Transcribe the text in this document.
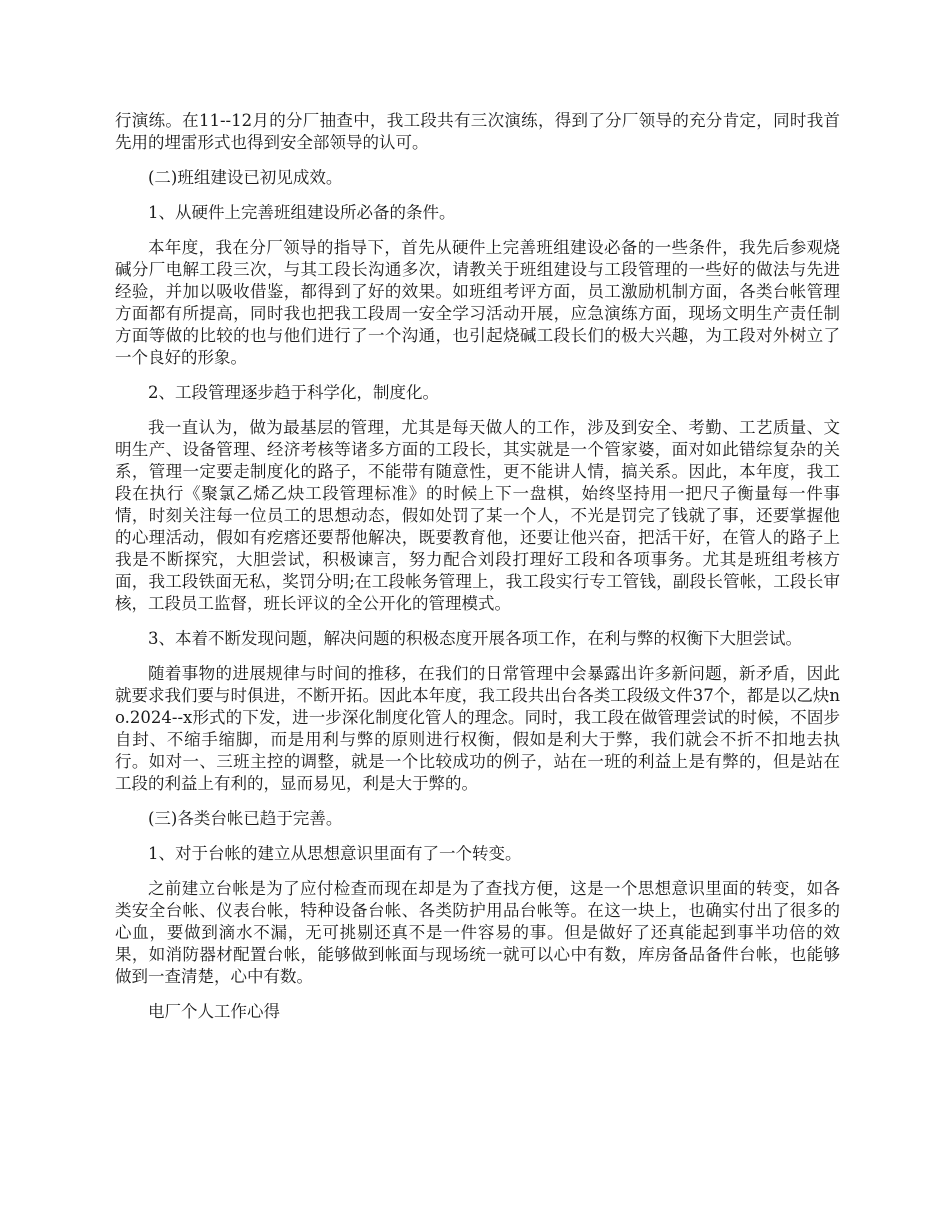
行演练。在11--12月的分厂抽查中，我工段共有三次演练，得到了分厂领导的充分肯定，同时我首先用的埋雷形式也得到安全部领导的认可。

(二)班组建设已初见成效。

1、从硬件上完善班组建设所必备的条件。

本年度，我在分厂领导的指导下，首先从硬件上完善班组建设必备的一些条件，我先后参观烧碱分厂电解工段三次，与其工段长沟通多次，请教关于班组建设与工段管理的一些好的做法与先进经验，并加以吸收借鉴，都得到了好的效果。如班组考评方面，员工激励机制方面，各类台帐管理方面都有所提高，同时我也把我工段周一安全学习活动开展，应急演练方面，现场文明生产责任制方面等做的比较的也与他们进行了一个沟通，也引起烧碱工段长们的极大兴趣，为工段对外树立了一个良好的形象。

2、工段管理逐步趋于科学化，制度化。

我一直认为，做为最基层的管理，尤其是每天做人的工作，涉及到安全、考勤、工艺质量、文明生产、设备管理、经济考核等诸多方面的工段长，其实就是一个管家婆，面对如此错综复杂的关系，管理一定要走制度化的路子，不能带有随意性，更不能讲人情，搞关系。因此，本年度，我工段在执行《聚氯乙烯乙炔工段管理标准》的时候上下一盘棋，始终坚持用一把尺子衡量每一件事情，时刻关注每一位员工的思想动态，假如处罚了某一个人，不光是罚完了钱就了事，还要掌握他的心理活动，假如有疙瘩还要帮他解决，既要教育他，还要让他兴奋，把活干好，在管人的路子上我是不断探究，大胆尝试，积极谏言，努力配合刘段打理好工段和各项事务。尤其是班组考核方面，我工段铁面无私，奖罚分明;在工段帐务管理上，我工段实行专工管钱，副段长管帐，工段长审核，工段员工监督，班长评议的全公开化的管理模式。

3、本着不断发现问题，解决问题的积极态度开展各项工作，在利与弊的权衡下大胆尝试。

随着事物的进展规律与时间的推移，在我们的日常管理中会暴露出许多新问题，新矛盾，因此就要求我们要与时俱进，不断开拓。因此本年度，我工段共出台各类工段级文件37个，都是以乙炔no.2024--x形式的下发，进一步深化制度化管人的理念。同时，我工段在做管理尝试的时候，不固步自封、不缩手缩脚，而是用利与弊的原则进行权衡，假如是利大于弊，我们就会不折不扣地去执行。如对一、三班主控的调整，就是一个比较成功的例子，站在一班的利益上是有弊的，但是站在工段的利益上有利的，显而易见，利是大于弊的。

(三)各类台帐已趋于完善。

1、对于台帐的建立从思想意识里面有了一个转变。

之前建立台帐是为了应付检查而现在却是为了查找方便，这是一个思想意识里面的转变，如各类安全台帐、仪表台帐，特种设备台帐、各类防护用品台帐等。在这一块上，也确实付出了很多的心血，要做到滴水不漏，无可挑剔还真不是一件容易的事。但是做好了还真能起到事半功倍的效果，如消防器材配置台帐，能够做到帐面与现场统一就可以心中有数，库房备品备件台帐，也能够做到一查清楚，心中有数。

电厂个人工作心得
